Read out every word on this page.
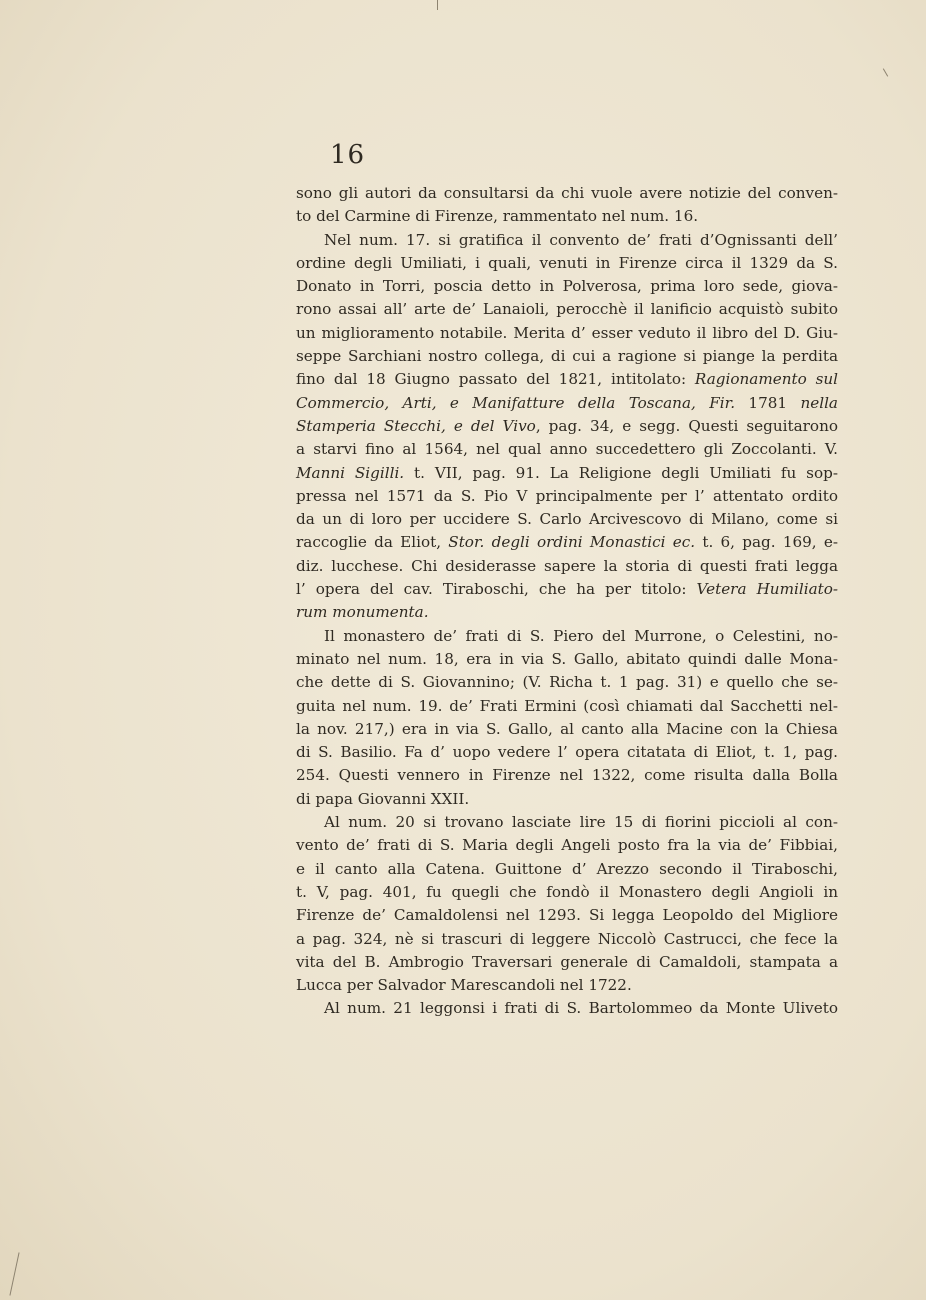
16
sono gli autori da consultarsi da chi vuole avere notizie del conven-
to del Carmine di Firenze, rammentato nel num. 16.
Nel num. 17. si gratifica il convento de’ frati d’Ognissanti dell’
ordine degli Umiliati, i quali, venuti in Firenze circa il 1329 da S.
Donato in Torri, poscia detto in Polverosa, prima loro sede, giova-
rono assai all’ arte de’ Lanaioli, perocchè il lanificio acquistò subito
un miglioramento notabile. Merita d’ esser veduto il libro del D. Giu-
seppe Sarchiani nostro collega, di cui a ragione si piange la perdita
fino dal 18 Giugno passato del 1821, intitolato: Ragionamento sul
Commercio, Arti, e Manifatture della Toscana, Fir. 1781 nella
Stamperia Stecchi, e del Vivo, pag. 34, e segg. Questi seguitarono
a starvi fino al 1564, nel qual anno succedettero gli Zoccolanti. V.
Manni Sigilli. t. VII, pag. 91. La Religione degli Umiliati fu sop-
pressa nel 1571 da S. Pio V principalmente per l’ attentato ordito
da un di loro per uccidere S. Carlo Arcivescovo di Milano, come si
raccoglie da Eliot, Stor. degli ordini Monastici ec. t. 6, pag. 169, e-
diz. lucchese. Chi desiderasse sapere la storia di questi frati legga
l’ opera del cav. Tiraboschi, che ha per titolo: Vetera Humiliato-
rum monumenta.
Il monastero de’ frati di S. Piero del Murrone, o Celestini, no-
minato nel num. 18, era in via S. Gallo, abitato quindi dalle Mona-
che dette di S. Giovannino; (V. Richa t. 1 pag. 31) e quello che se-
guita nel num. 19. de’ Frati Ermini (così chiamati dal Sacchetti nel-
la nov. 217,) era in via S. Gallo, al canto alla Macine con la Chiesa
di S. Basilio. Fa d’ uopo vedere l’ opera citatata di Eliot, t. 1, pag.
254. Questi vennero in Firenze nel 1322, come risulta dalla Bolla
di papa Giovanni XXII.
Al num. 20 si trovano lasciate lire 15 di fiorini piccioli al con-
vento de’ frati di S. Maria degli Angeli posto fra la via de’ Fibbiai,
e il canto alla Catena. Guittone d’ Arezzo secondo il Tiraboschi,
t. V, pag. 401, fu quegli che fondò il Monastero degli Angioli in
Firenze de’ Camaldolensi nel 1293. Si legga Leopoldo del Migliore
a pag. 324, nè si trascuri di leggere Niccolò Castrucci, che fece la
vita del B. Ambrogio Traversari generale di Camaldoli, stampata a
Lucca per Salvador Marescandoli nel 1722.
Al num. 21 leggonsi i frati di S. Bartolommeo da Monte Uliveto
